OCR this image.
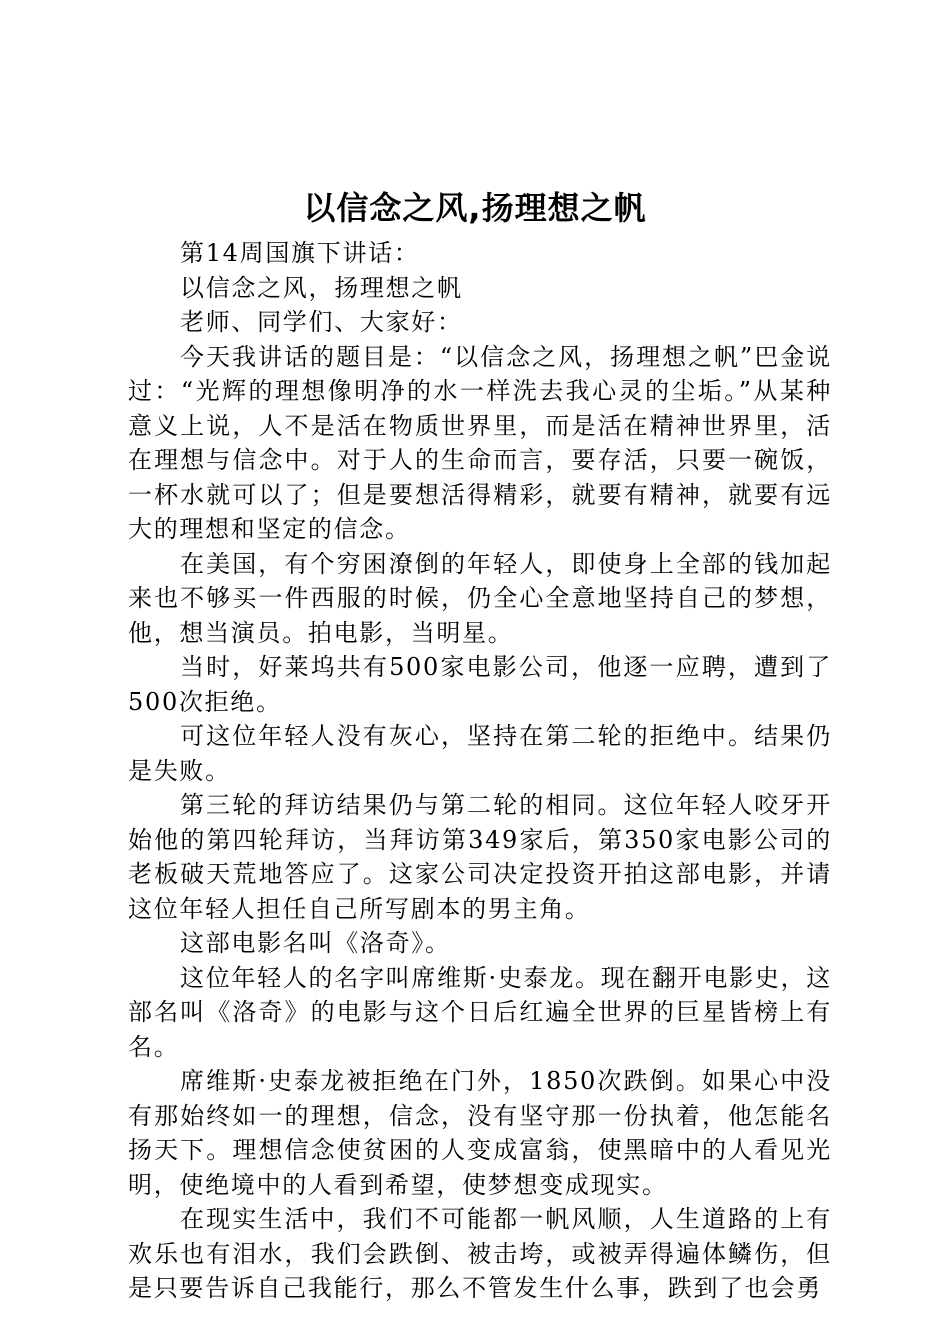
以信念之风,扬理想之帆

第14周国旗下讲话：

以信念之风，扬理想之帆

老师、同学们、大家好：

今天我讲话的题目是：“以信念之风，扬理想之帆”巴金说过：“光辉的理想像明净的水一样洗去我心灵的尘垢。”从某种意义上说，人不是活在物质世界里，而是活在精神世界里，活在理想与信念中。对于人的生命而言，要存活，只要一碗饭，一杯水就可以了；但是要想活得精彩，就要有精神，就要有远大的理想和坚定的信念。

在美国，有个穷困潦倒的年轻人，即使身上全部的钱加起来也不够买一件西服的时候，仍全心全意地坚持自己的梦想，他，想当演员。拍电影，当明星。

当时，好莱坞共有500家电影公司，他逐一应聘，遭到了500次拒绝。

可这位年轻人没有灰心，坚持在第二轮的拒绝中。结果仍是失败。

第三轮的拜访结果仍与第二轮的相同。这位年轻人咬牙开始他的第四轮拜访，当拜访第349家后，第350家电影公司的老板破天荒地答应了。这家公司决定投资开拍这部电影，并请这位年轻人担任自己所写剧本的男主角。

这部电影名叫《洛奇》。

这位年轻人的名字叫席维斯·史泰龙。现在翻开电影史，这部名叫《洛奇》的电影与这个日后红遍全世界的巨星皆榜上有名。

席维斯·史泰龙被拒绝在门外，1850次跌倒。如果心中没有那始终如一的理想，信念，没有坚守那一份执着，他怎能名扬天下。理想信念使贫困的人变成富翁，使黑暗中的人看见光明，使绝境中的人看到希望，使梦想变成现实。

在现实生活中，我们不可能都一帆风顺，人生道路的上有欢乐也有泪水，我们会跌倒、被击垮，或被弄得遍体鳞伤，但是只要告诉自己我能行，那么不管发生什么事，跌到了也会勇
